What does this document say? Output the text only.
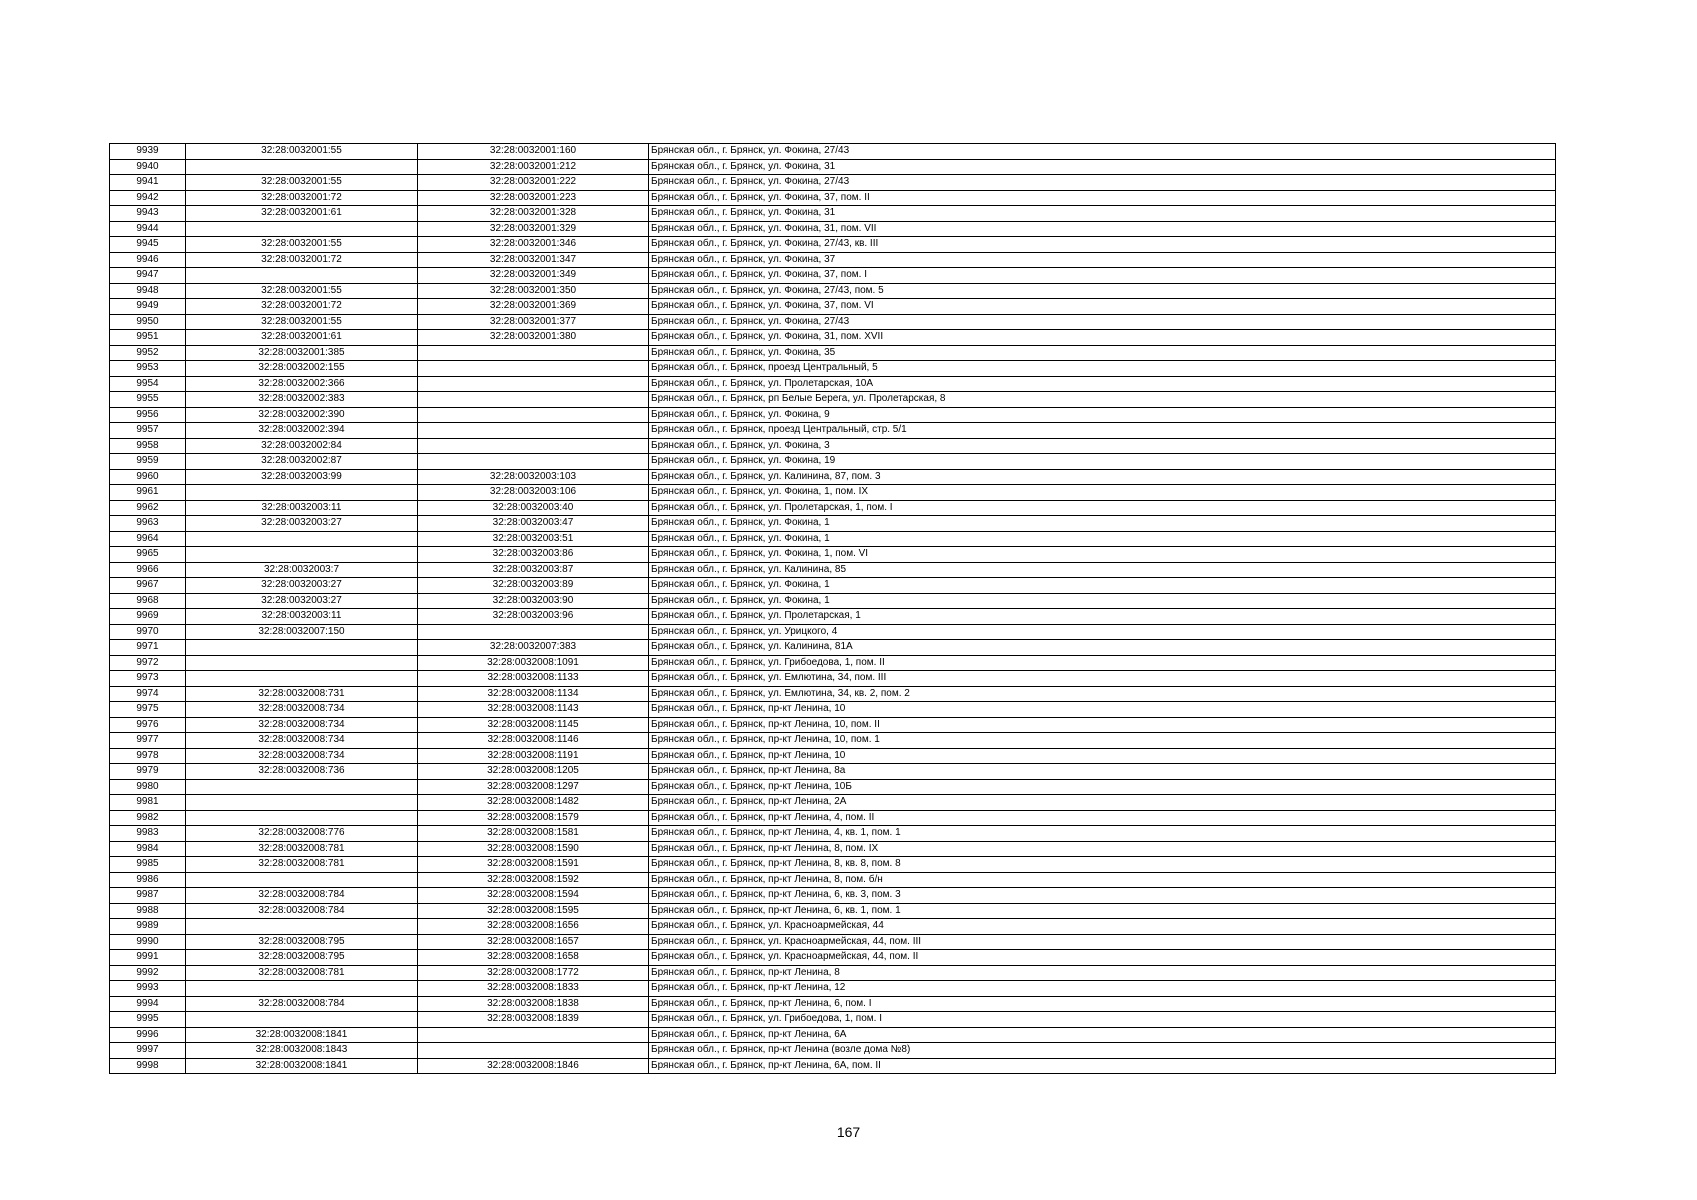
9939	32:28:0032001:55	32:28:0032001:160	Брянская обл., г. Брянск, ул. Фокина, 27/43
9940		32:28:0032001:212	Брянская обл., г. Брянск, ул. Фокина, 31
9941	32:28:0032001:55	32:28:0032001:222	Брянская обл., г. Брянск, ул. Фокина, 27/43
9942	32:28:0032001:72	32:28:0032001:223	Брянская обл., г. Брянск, ул. Фокина, 37, пом. II
9943	32:28:0032001:61	32:28:0032001:328	Брянская обл., г. Брянск, ул. Фокина, 31
9944		32:28:0032001:329	Брянская обл., г. Брянск, ул. Фокина, 31, пом. VII
9945	32:28:0032001:55	32:28:0032001:346	Брянская обл., г. Брянск, ул. Фокина, 27/43, кв. III
9946	32:28:0032001:72	32:28:0032001:347	Брянская обл., г. Брянск, ул. Фокина, 37
9947		32:28:0032001:349	Брянская обл., г. Брянск, ул. Фокина, 37, пом. I
9948	32:28:0032001:55	32:28:0032001:350	Брянская обл., г. Брянск, ул. Фокина, 27/43, пом. 5
9949	32:28:0032001:72	32:28:0032001:369	Брянская обл., г. Брянск, ул. Фокина, 37, пом. VI
9950	32:28:0032001:55	32:28:0032001:377	Брянская обл., г. Брянск, ул. Фокина, 27/43
9951	32:28:0032001:61	32:28:0032001:380	Брянская обл., г. Брянск, ул. Фокина, 31, пом. XVII
9952	32:28:0032001:385		Брянская обл., г. Брянск, ул. Фокина, 35
9953	32:28:0032002:155		Брянская обл., г. Брянск, проезд Центральный, 5
9954	32:28:0032002:366		Брянская обл., г. Брянск, ул. Пролетарская, 10А
9955	32:28:0032002:383		Брянская обл., г. Брянск, рп Белые Берега, ул. Пролетарская, 8
9956	32:28:0032002:390		Брянская обл., г. Брянск, ул. Фокина, 9
9957	32:28:0032002:394		Брянская обл., г. Брянск, проезд Центральный, стр. 5/1
9958	32:28:0032002:84		Брянская обл., г. Брянск, ул. Фокина, 3
9959	32:28:0032002:87		Брянская обл., г. Брянск, ул. Фокина, 19
9960	32:28:0032003:99	32:28:0032003:103	Брянская обл., г. Брянск, ул. Калинина, 87, пом. 3
9961		32:28:0032003:106	Брянская обл., г. Брянск, ул. Фокина, 1, пом. IX
9962	32:28:0032003:11	32:28:0032003:40	Брянская обл., г. Брянск, ул. Пролетарская, 1, пом. I
9963	32:28:0032003:27	32:28:0032003:47	Брянская обл., г. Брянск, ул. Фокина, 1
9964		32:28:0032003:51	Брянская обл., г. Брянск, ул. Фокина, 1
9965		32:28:0032003:86	Брянская обл., г. Брянск, ул. Фокина, 1, пом. VI
9966	32:28:0032003:7	32:28:0032003:87	Брянская обл., г. Брянск, ул. Калинина, 85
9967	32:28:0032003:27	32:28:0032003:89	Брянская обл., г. Брянск, ул. Фокина, 1
9968	32:28:0032003:27	32:28:0032003:90	Брянская обл., г. Брянск, ул. Фокина, 1
9969	32:28:0032003:11	32:28:0032003:96	Брянская обл., г. Брянск, ул. Пролетарская, 1
9970	32:28:0032007:150		Брянская обл., г. Брянск, ул. Урицкого, 4
9971		32:28:0032007:383	Брянская обл., г. Брянск, ул. Калинина, 81А
9972		32:28:0032008:1091	Брянская обл., г. Брянск, ул. Грибоедова, 1, пом. II
9973		32:28:0032008:1133	Брянская обл., г. Брянск, ул. Емлютина, 34, пом. III
9974	32:28:0032008:731	32:28:0032008:1134	Брянская обл., г. Брянск, ул. Емлютина, 34, кв. 2, пом. 2
9975	32:28:0032008:734	32:28:0032008:1143	Брянская обл., г. Брянск, пр-кт Ленина, 10
9976	32:28:0032008:734	32:28:0032008:1145	Брянская обл., г. Брянск, пр-кт Ленина, 10, пом. II
9977	32:28:0032008:734	32:28:0032008:1146	Брянская обл., г. Брянск, пр-кт Ленина, 10, пом. 1
9978	32:28:0032008:734	32:28:0032008:1191	Брянская обл., г. Брянск, пр-кт Ленина, 10
9979	32:28:0032008:736	32:28:0032008:1205	Брянская обл., г. Брянск, пр-кт Ленина, 8а
9980		32:28:0032008:1297	Брянская обл., г. Брянск, пр-кт Ленина, 10Б
9981		32:28:0032008:1482	Брянская обл., г. Брянск, пр-кт Ленина, 2А
9982		32:28:0032008:1579	Брянская обл., г. Брянск, пр-кт Ленина, 4, пом. II
9983	32:28:0032008:776	32:28:0032008:1581	Брянская обл., г. Брянск, пр-кт Ленина, 4, кв. 1, пом. 1
9984	32:28:0032008:781	32:28:0032008:1590	Брянская обл., г. Брянск, пр-кт Ленина, 8, пом. IX
9985	32:28:0032008:781	32:28:0032008:1591	Брянская обл., г. Брянск, пр-кт Ленина, 8, кв. 8, пом. 8
9986		32:28:0032008:1592	Брянская обл., г. Брянск, пр-кт Ленина, 8, пом. б/н
9987	32:28:0032008:784	32:28:0032008:1594	Брянская обл., г. Брянск, пр-кт Ленина, 6, кв. 3, пом. 3
9988	32:28:0032008:784	32:28:0032008:1595	Брянская обл., г. Брянск, пр-кт Ленина, 6, кв. 1, пом. 1
9989		32:28:0032008:1656	Брянская обл., г. Брянск, ул. Красноармейская, 44
9990	32:28:0032008:795	32:28:0032008:1657	Брянская обл., г. Брянск, ул. Красноармейская, 44, пом. III
9991	32:28:0032008:795	32:28:0032008:1658	Брянская обл., г. Брянск, ул. Красноармейская, 44, пом. II
9992	32:28:0032008:781	32:28:0032008:1772	Брянская обл., г. Брянск, пр-кт Ленина, 8
9993		32:28:0032008:1833	Брянская обл., г. Брянск, пр-кт Ленина, 12
9994	32:28:0032008:784	32:28:0032008:1838	Брянская обл., г. Брянск, пр-кт Ленина, 6, пом. I
9995		32:28:0032008:1839	Брянская обл., г. Брянск, ул. Грибоедова, 1, пом. I
9996	32:28:0032008:1841		Брянская обл., г. Брянск, пр-кт Ленина, 6А
9997	32:28:0032008:1843		Брянская обл., г. Брянск, пр-кт Ленина (возле дома №8)
9998	32:28:0032008:1841	32:28:0032008:1846	Брянская обл., г. Брянск, пр-кт Ленина, 6А, пом. II
167
